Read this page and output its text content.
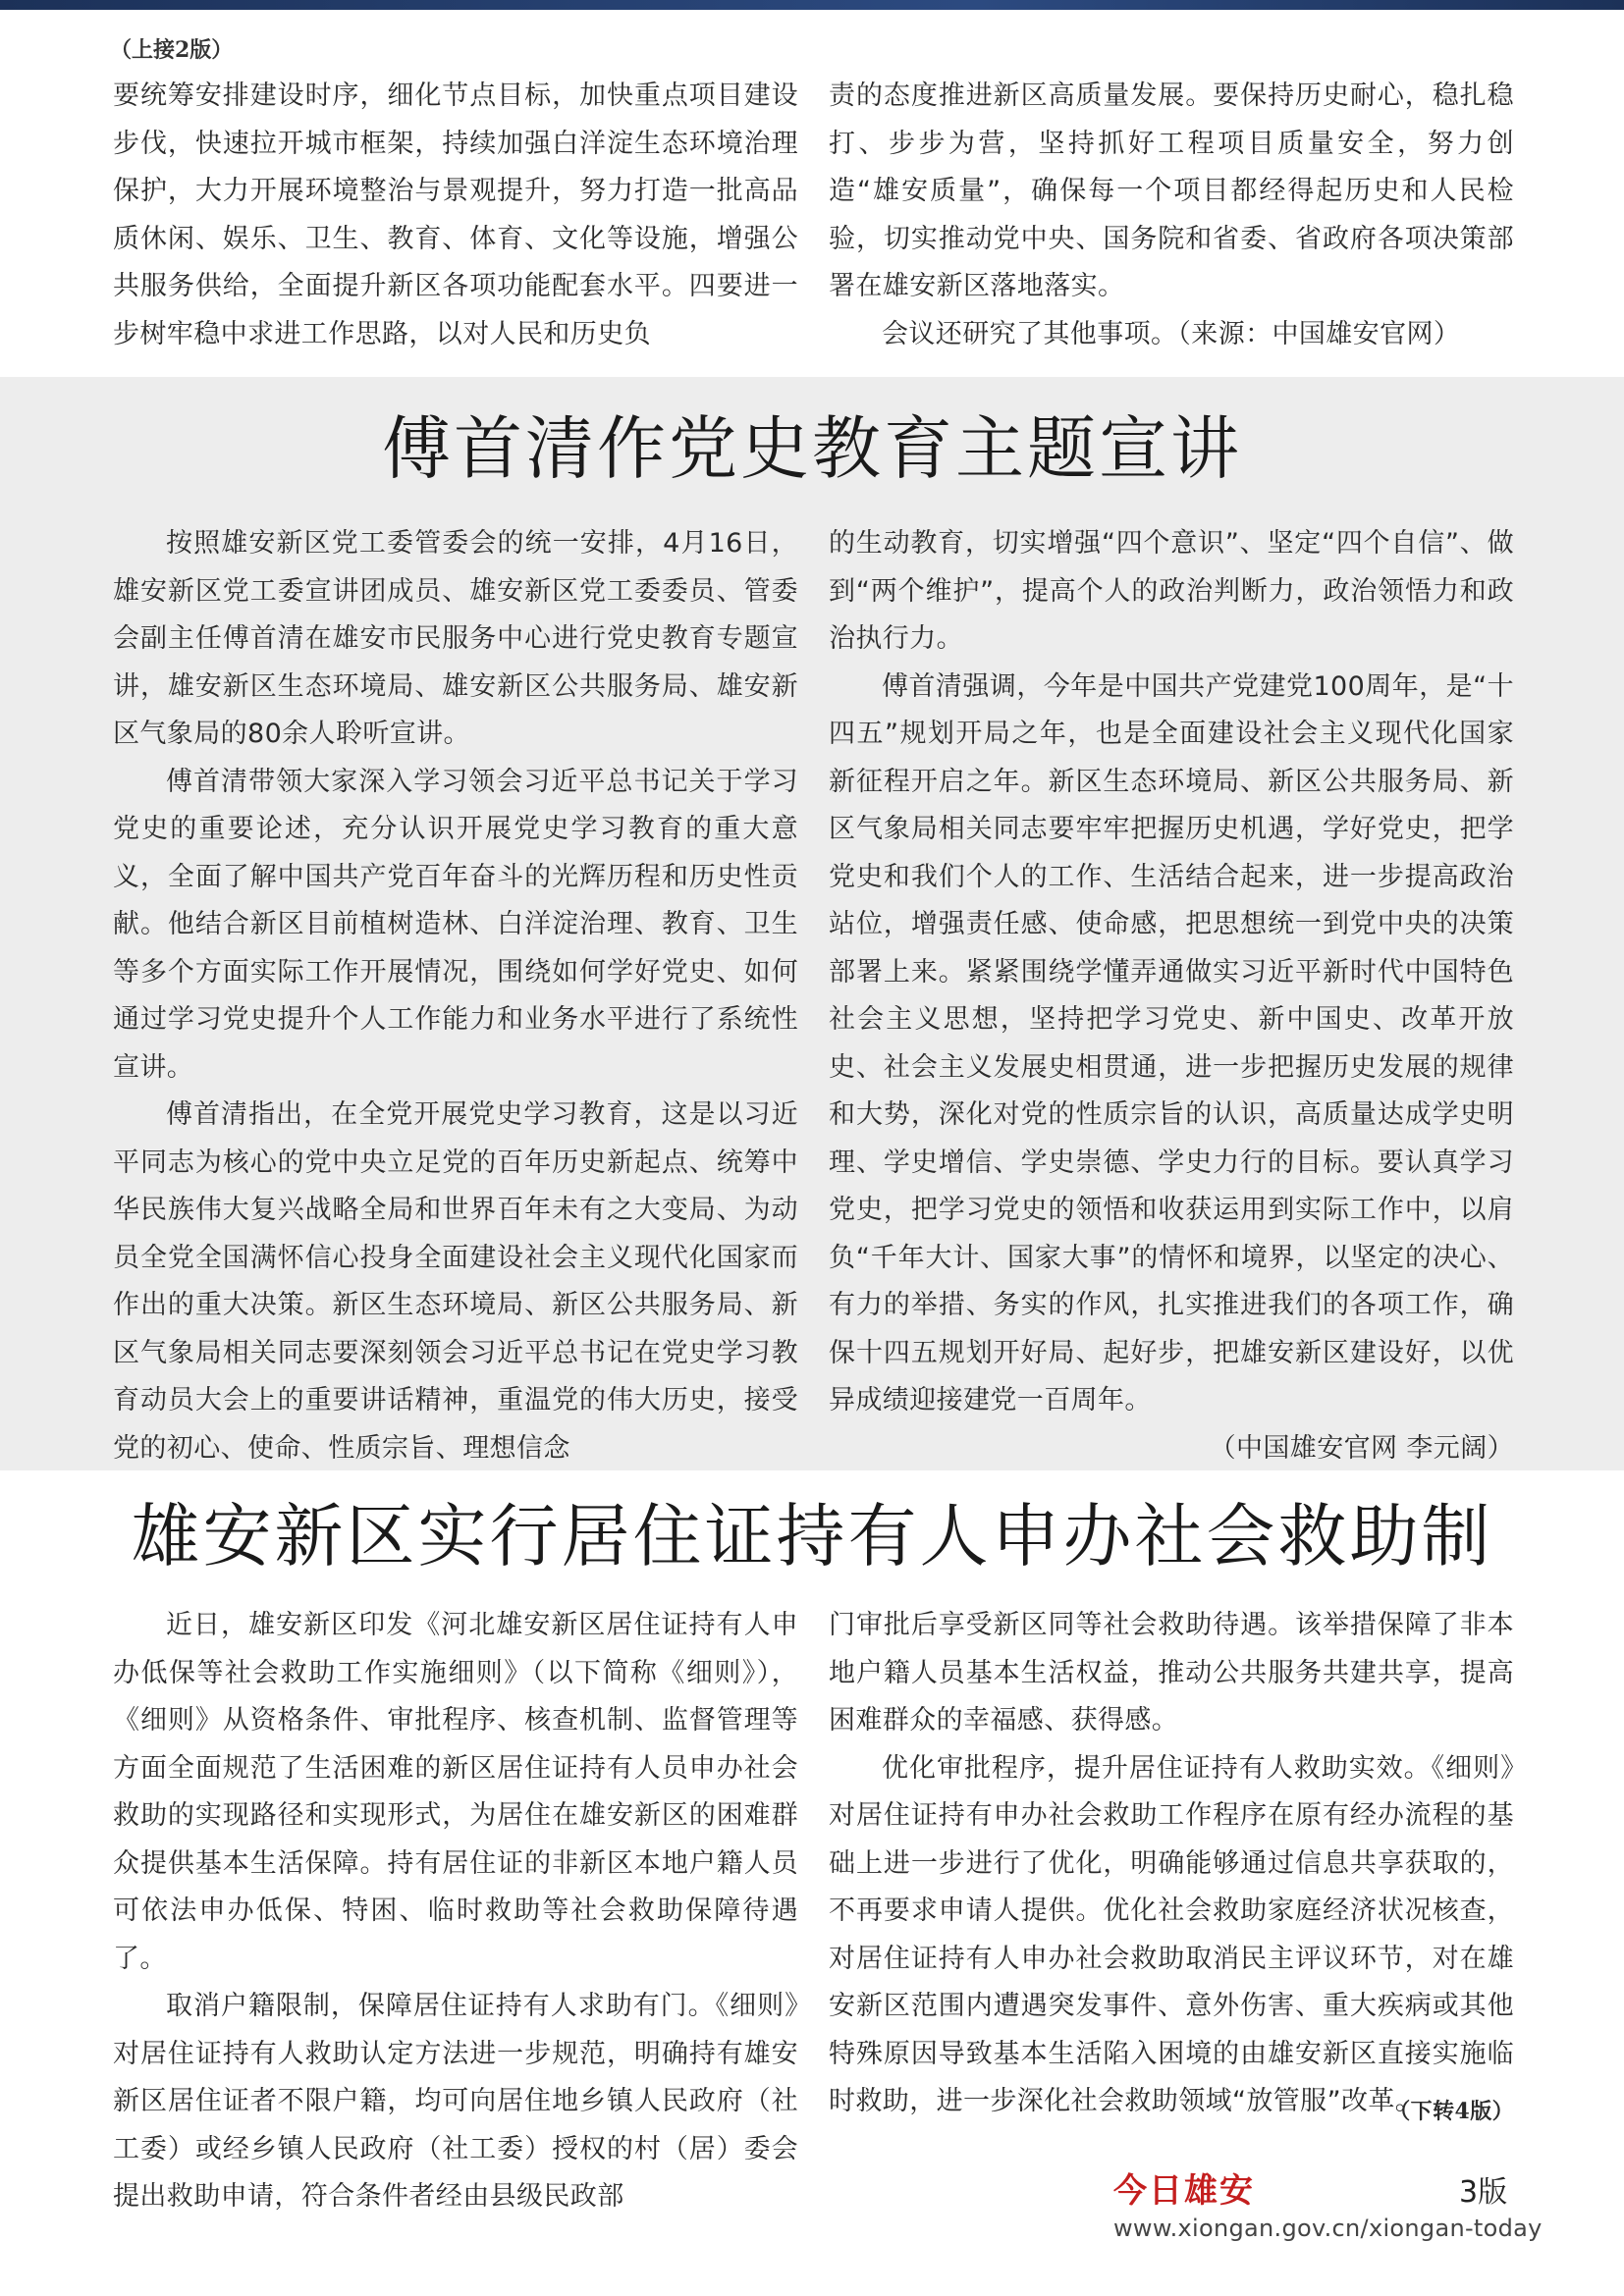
（上接2版）

要统筹安排建设时序，细化节点目标，加快重点项目建设步伐，快速拉开城市框架，持续加强白洋淀生态环境治理保护，大力开展环境整治与景观提升，努力打造一批高品质休闲、娱乐、卫生、教育、体育、文化等设施，增强公共服务供给，全面提升新区各项功能配套水平。四要进一步树牢稳中求进工作思路，以对人民和历史负

责的态度推进新区高质量发展。要保持历史耐心，稳扎稳打、步步为营，坚持抓好工程项目质量安全，努力创造“雄安质量”，确保每一个项目都经得起历史和人民检验，切实推动党中央、国务院和省委、省政府各项决策部署在雄安新区落地落实。

会议还研究了其他事项。（来源：中国雄安官网）

傅首清作党史教育主题宣讲

按照雄安新区党工委管委会的统一安排，4月16日，雄安新区党工委宣讲团成员、雄安新区党工委委员、管委会副主任傅首清在雄安市民服务中心进行党史教育专题宣讲，雄安新区生态环境局、雄安新区公共服务局、雄安新区气象局的80余人聆听宣讲。

傅首清带领大家深入学习领会习近平总书记关于学习党史的重要论述，充分认识开展党史学习教育的重大意义，全面了解中国共产党百年奋斗的光辉历程和历史性贡献。他结合新区目前植树造林、白洋淀治理、教育、卫生等多个方面实际工作开展情况，围绕如何学好党史、如何通过学习党史提升个人工作能力和业务水平进行了系统性宣讲。

傅首清指出，在全党开展党史学习教育，这是以习近平同志为核心的党中央立足党的百年历史新起点、统筹中华民族伟大复兴战略全局和世界百年未有之大变局、为动员全党全国满怀信心投身全面建设社会主义现代化国家而作出的重大决策。新区生态环境局、新区公共服务局、新区气象局相关同志要深刻领会习近平总书记在党史学习教育动员大会上的重要讲话精神，重温党的伟大历史，接受党的初心、使命、性质宗旨、理想信念

的生动教育，切实增强“四个意识”、坚定“四个自信”、做到“两个维护”，提高个人的政治判断力，政治领悟力和政治执行力。

傅首清强调，今年是中国共产党建党100周年，是“十四五”规划开局之年，也是全面建设社会主义现代化国家新征程开启之年。新区生态环境局、新区公共服务局、新区气象局相关同志要牢牢把握历史机遇，学好党史，把学党史和我们个人的工作、生活结合起来，进一步提高政治站位，增强责任感、使命感，把思想统一到党中央的决策部署上来。紧紧围绕学懂弄通做实习近平新时代中国特色社会主义思想，坚持把学习党史、新中国史、改革开放史、社会主义发展史相贯通，进一步把握历史发展的规律和大势，深化对党的性质宗旨的认识，高质量达成学史明理、学史增信、学史崇德、学史力行的目标。要认真学习党史，把学习党史的领悟和收获运用到实际工作中，以肩负“千年大计、国家大事”的情怀和境界，以坚定的决心、有力的举措、务实的作风，扎实推进我们的各项工作，确保十四五规划开好局、起好步，把雄安新区建设好，以优异成绩迎接建党一百周年。

（中国雄安官网 李元阔）

雄安新区实行居住证持有人申办社会救助制

近日，雄安新区印发《河北雄安新区居住证持有人申办低保等社会救助工作实施细则》（以下简称《细则》），《细则》从资格条件、审批程序、核查机制、监督管理等方面全面规范了生活困难的新区居住证持有人员申办社会救助的实现路径和实现形式，为居住在雄安新区的困难群众提供基本生活保障。持有居住证的非新区本地户籍人员可依法申办低保、特困、临时救助等社会救助保障待遇了。

取消户籍限制，保障居住证持有人求助有门。《细则》对居住证持有人救助认定方法进一步规范，明确持有雄安新区居住证者不限户籍，均可向居住地乡镇人民政府（社工委）或经乡镇人民政府（社工委）授权的村（居）委会提出救助申请，符合条件者经由县级民政部

门审批后享受新区同等社会救助待遇。该举措保障了非本地户籍人员基本生活权益，推动公共服务共建共享，提高困难群众的幸福感、获得感。

优化审批程序，提升居住证持有人救助实效。《细则》对居住证持有申办社会救助工作程序在原有经办流程的基础上进一步进行了优化，明确能够通过信息共享获取的，不再要求申请人提供。优化社会救助家庭经济状况核查，对居住证持有人申办社会救助取消民主评议环节，对在雄安新区范围内遭遇突发事件、意外伤害、重大疾病或其他特殊原因导致基本生活陷入困境的由雄安新区直接实施临时救助，进一步深化社会救助领域“放管服”改革。

（下转4版）

今日雄安	3版
www.xiongan.gov.cn/xiongan-today
